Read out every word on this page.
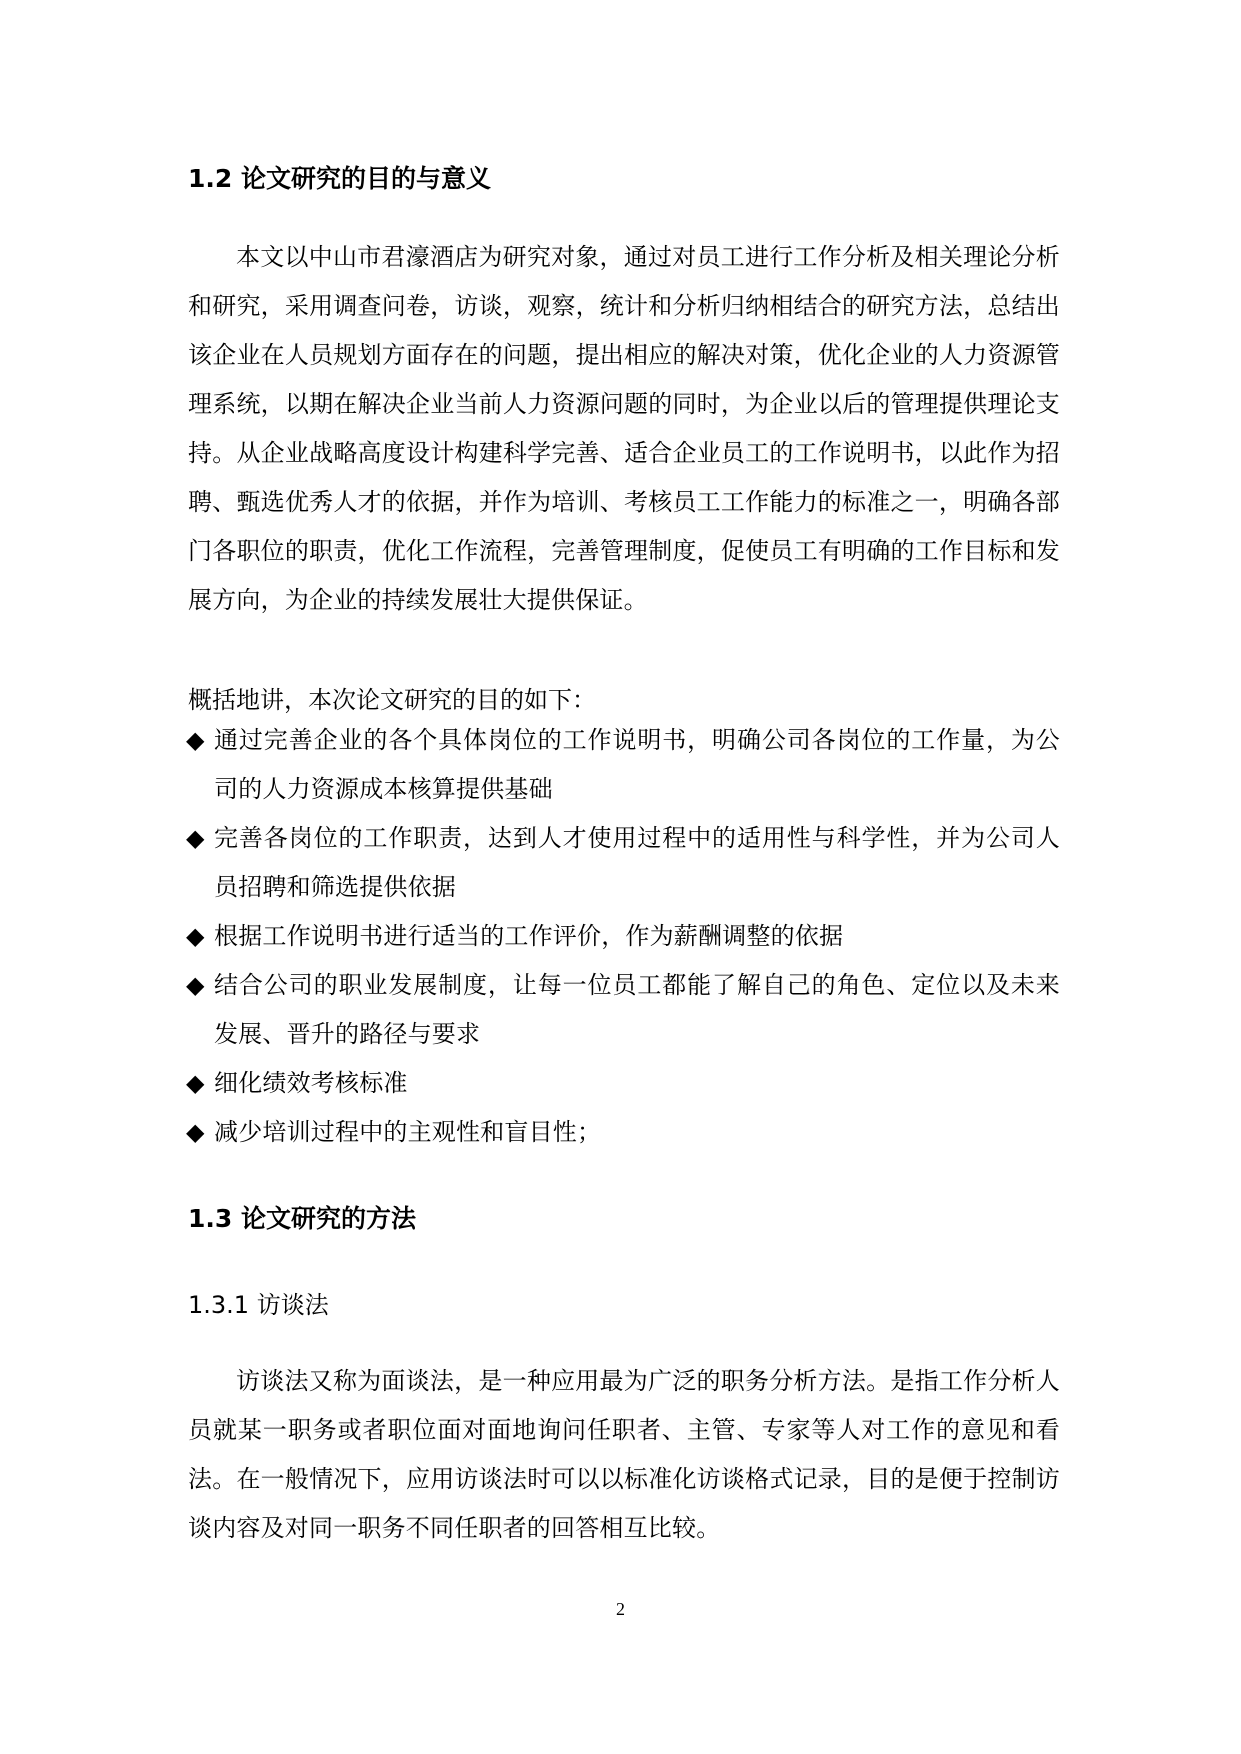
1.2 论文研究的目的与意义

本文以中山市君濠酒店为研究对象，通过对员工进行工作分析及相关理论分析和研究，采用调查问卷，访谈，观察，统计和分析归纳相结合的研究方法，总结出该企业在人员规划方面存在的问题，提出相应的解决对策，优化企业的人力资源管理系统，以期在解决企业当前人力资源问题的同时，为企业以后的管理提供理论支持。从企业战略高度设计构建科学完善、适合企业员工的工作说明书，以此作为招聘、甄选优秀人才的依据，并作为培训、考核员工工作能力的标准之一，明确各部门各职位的职责，优化工作流程，完善管理制度，促使员工有明确的工作目标和发展方向，为企业的持续发展壮大提供保证。

概括地讲，本次论文研究的目的如下：

◆ 通过完善企业的各个具体岗位的工作说明书，明确公司各岗位的工作量，为公司的人力资源成本核算提供基础
◆ 完善各岗位的工作职责，达到人才使用过程中的适用性与科学性，并为公司人员招聘和筛选提供依据
◆ 根据工作说明书进行适当的工作评价，作为薪酬调整的依据
◆ 结合公司的职业发展制度，让每一位员工都能了解自己的角色、定位以及未来发展、晋升的路径与要求
◆ 细化绩效考核标准
◆ 减少培训过程中的主观性和盲目性；
1.3 论文研究的方法
1.3.1 访谈法

访谈法又称为面谈法，是一种应用最为广泛的职务分析方法。是指工作分析人员就某一职务或者职位面对面地询问任职者、主管、专家等人对工作的意见和看法。在一般情况下，应用访谈法时可以以标准化访谈格式记录，目的是便于控制访谈内容及对同一职务不同任职者的回答相互比较。

2
